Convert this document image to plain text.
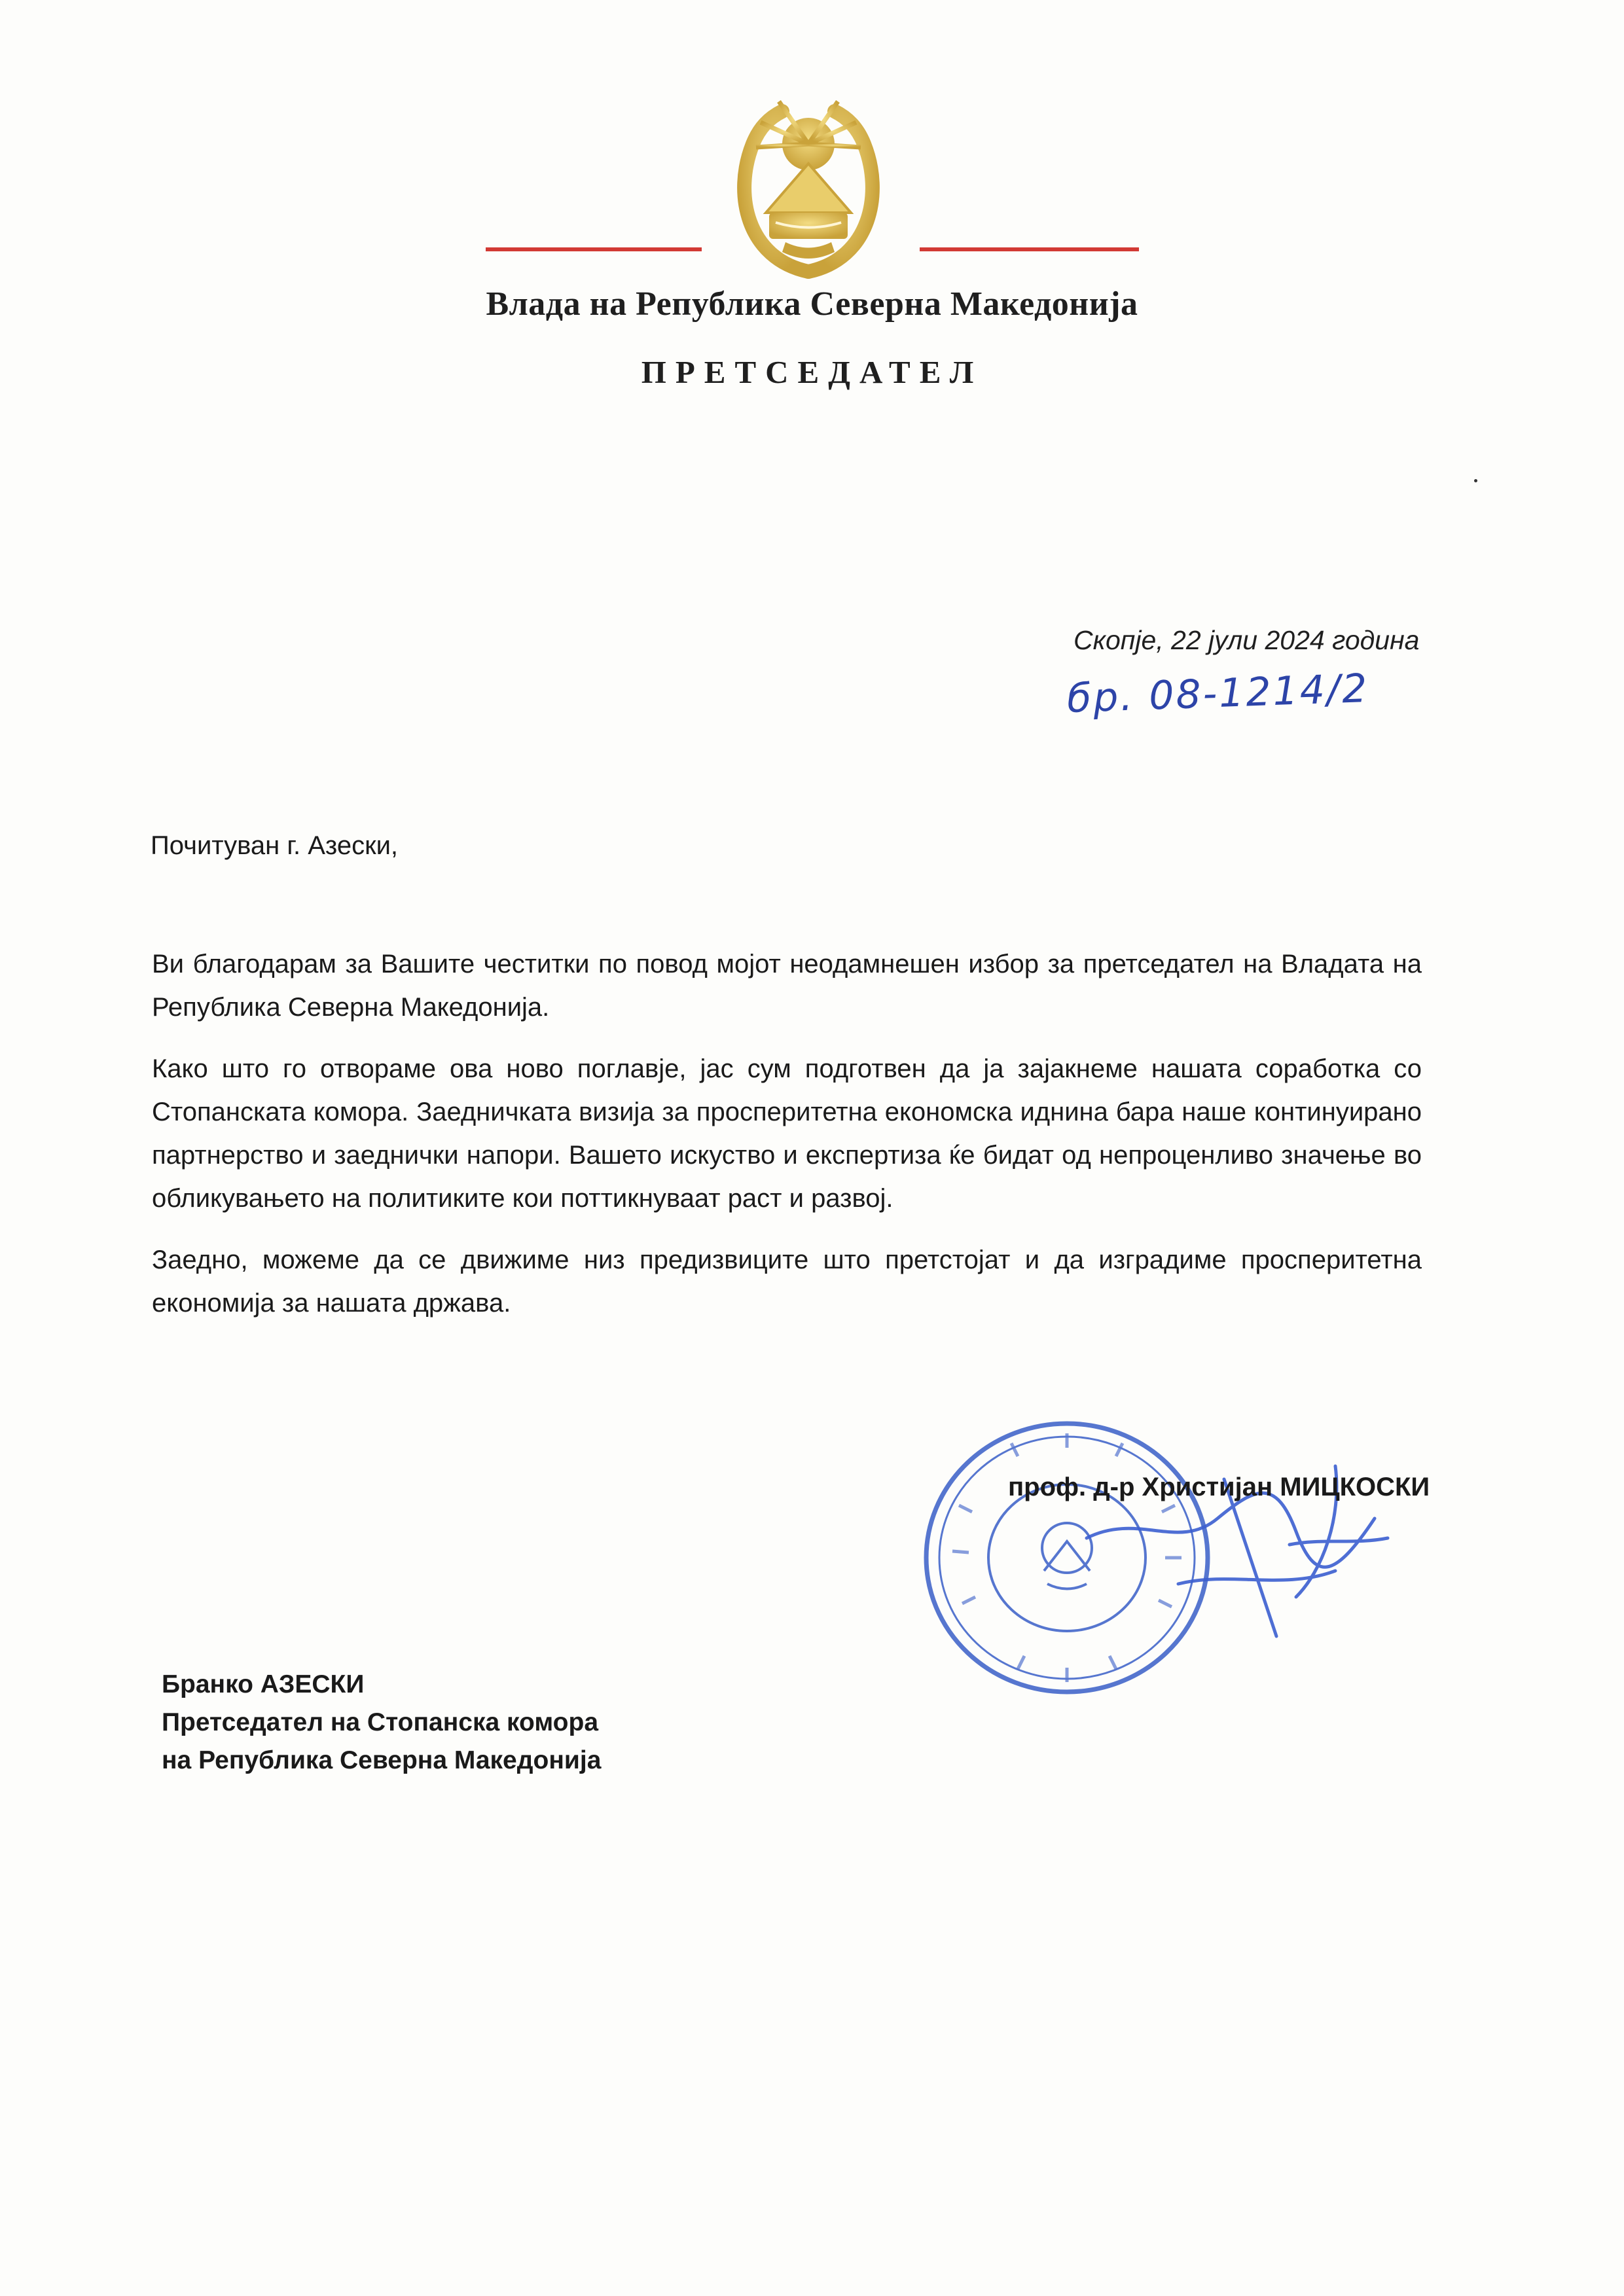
Влада на Република Северна Македонија
ПРЕТСЕДАТЕЛ
Скопје, 22 јули 2024 година
бр. 08-1214/2
Почитуван г. Азески,

Ви благодарам за Вашите честитки по повод мојот неодамнешен избор за претседател на Владата на Република Северна Македонија.

Како што го отвораме ова ново поглавје, јас сум подготвен да ја зајакнеме нашата соработка со Стопанската комора. Заедничката визија за просперитетна економска иднина бара наше континуирано партнерство и заеднички напори. Вашето искуство и експертиза ќе бидат од непроценливо значење во обликувањето на политиките кои поттикнуваат раст и развој.

Заедно, можеме да се движиме низ предизвиците што претстојат и да изградиме просперитетна економија за нашата држава.

проф. д-р Христијан МИЦКОСКИ
Бранко АЗЕСКИ
Претседател на Стопанска комора
на Република Северна Македонија
